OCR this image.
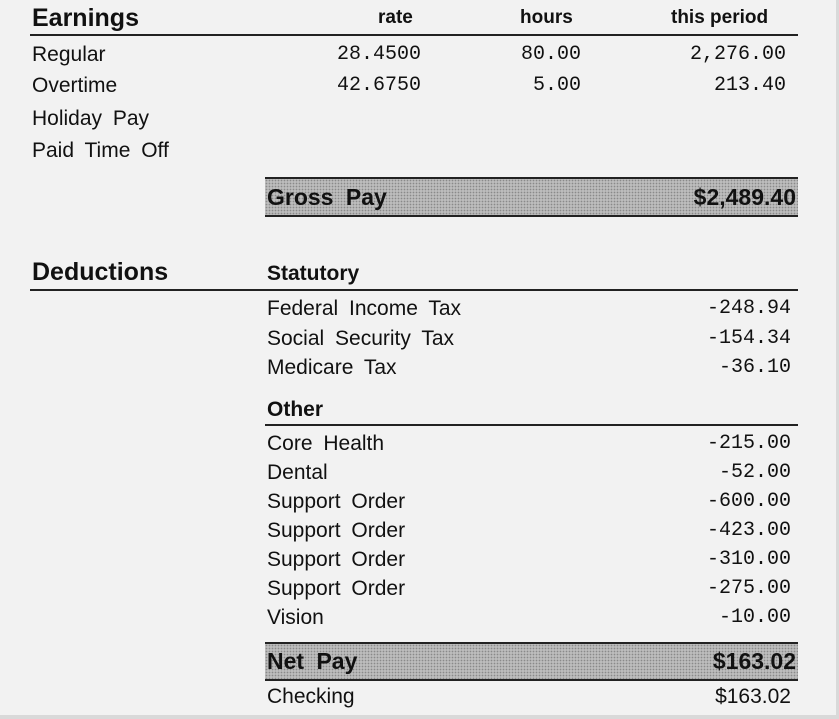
Earnings	rate	hours	this period
Regular	28.4500	80.00	2,276.00
Overtime	42.6750	5.00	213.40
Holiday Pay
Paid Time Off
Gross Pay	$2,489.40
Deductions	Statutory
Federal Income Tax	-248.94
Social Security Tax	-154.34
Medicare Tax	-36.10
Other
Core Health	-215.00
Dental	-52.00
Support Order	-600.00
Support Order	-423.00
Support Order	-310.00
Support Order	-275.00
Vision	-10.00
Net Pay	$163.02
Checking	$163.02
